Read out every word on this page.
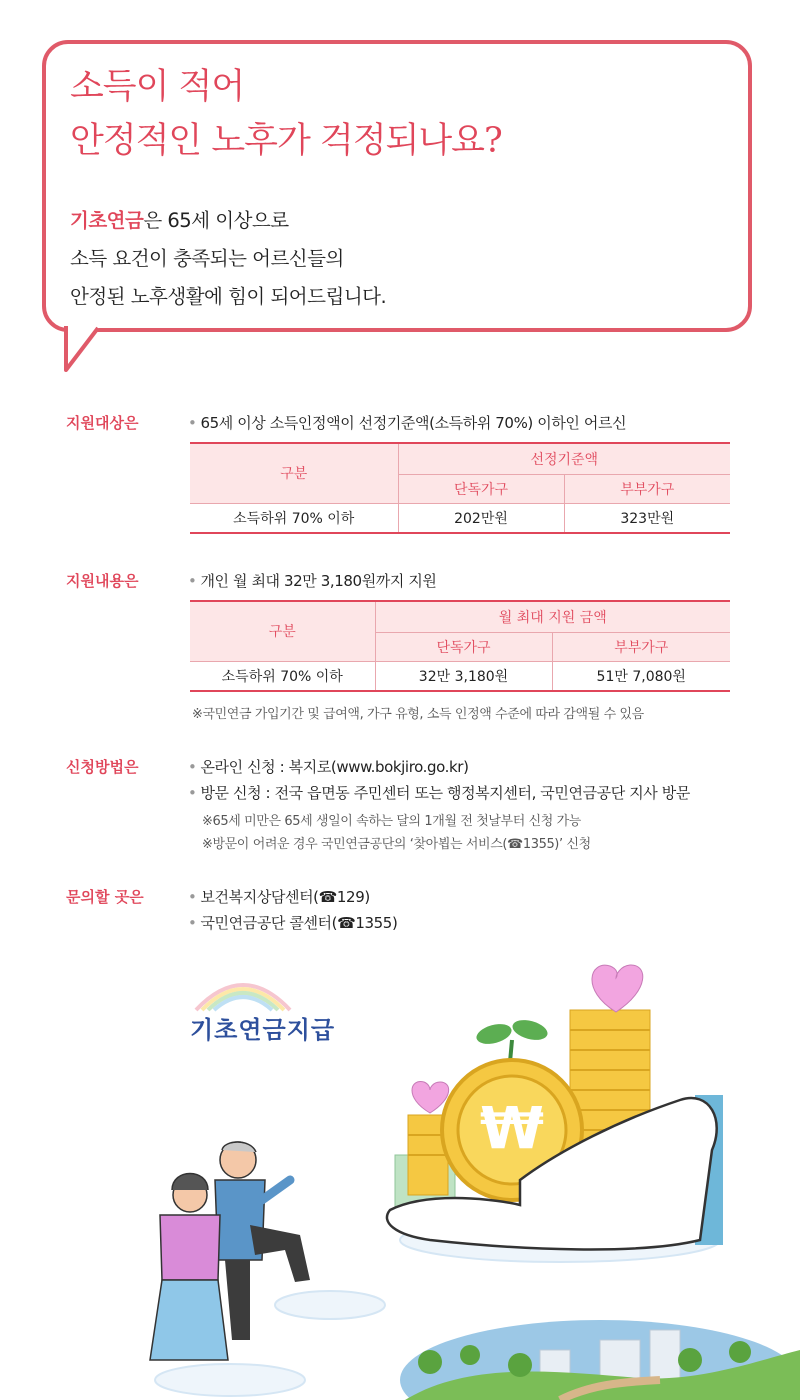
소득이 적어
안정적인 노후가 걱정되나요?
기초연금은 65세 이상으로
소득 요건이 충족되는 어르신들의
안정된 노후생활에 힘이 되어드립니다.
지원대상은	• 65세 이상 소득인정액이 선정기준액(소득하위 70%) 이하인 어르신
구분	선정기준액	
	단독가구	부부가구
소득하위 70% 이하	202만원	323만원
지원내용은	• 개인 월 최대 32만 3,180원까지 지원
구분	월 최대 지원 금액	
	단독가구	부부가구
소득하위 70% 이하	32만 3,180원	51만 7,080원
※국민연금 가입기간 및 급여액, 가구 유형, 소득 인정액 수준에 따라 감액될 수 있음
신청방법은	• 온라인 신청 : 복지로(www.bokjiro.go.kr)
• 방문 신청 : 전국 읍면동 주민센터 또는 행정복지센터, 국민연금공단 지사 방문
※65세 미만은 65세 생일이 속하는 달의 1개월 전 첫날부터 신청 가능
※방문이 어려운 경우 국민연금공단의 ‘찾아뵙는 서비스(☎1355)’ 신청
문의할 곳은	• 보건복지상담센터(☎129)
• 국민연금공단 콜센터(☎1355)
₩
기초연금지급
